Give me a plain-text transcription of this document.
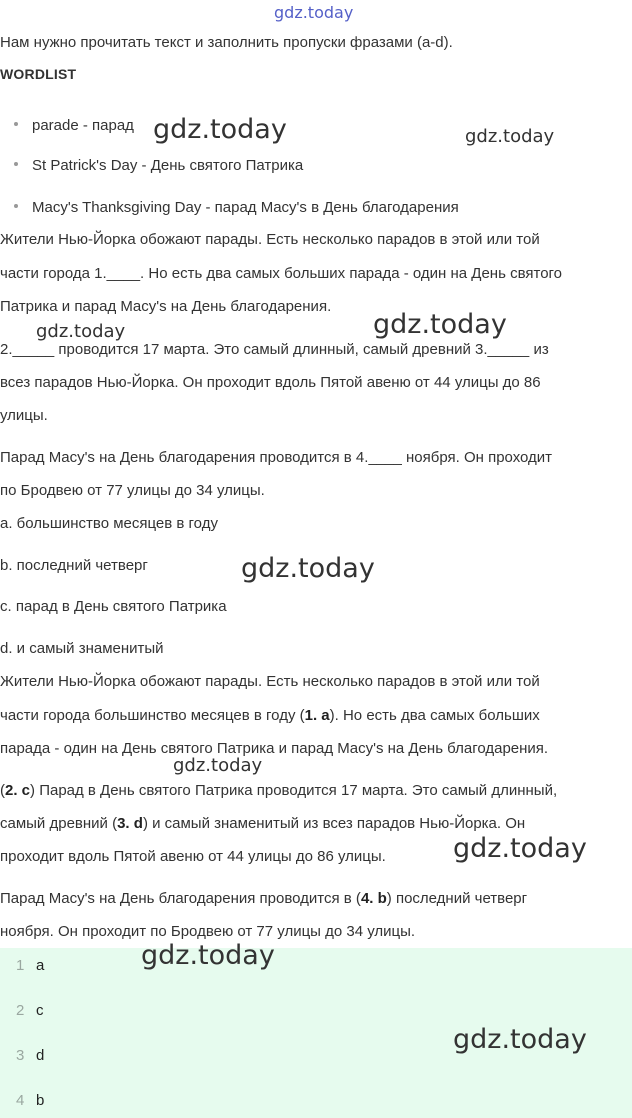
gdz.today
Нам нужно прочитать текст и заполнить пропуски фразами (a-d).
WORDLIST
parade - парад
St Patrick's Day - День святого Патрика
Macy's Thanksgiving Day - парад Macy's в День благодарения
Жители Нью-Йорка обожают парады. Есть несколько парадов в этой или той
части города 1.____. Но есть два самых больших парада - один на День святого
Патрика и парад Macy's на День благодарения.
2._____ проводится 17 марта. Это самый длинный, самый древний 3._____ из
всез парадов Нью-Йорка. Он проходит вдоль Пятой авеню от 44 улицы до 86
улицы.
Парад Macy's на День благодарения проводится в 4.____ ноября. Он проходит
по Бродвею от 77 улицы до 34 улицы.
a. большинство месяцев в году
b. последний четверг
c. парад в День святого Патрика
d. и самый знаменитый
Жители Нью-Йорка обожают парады. Есть несколько парадов в этой или той
части города большинство месяцев в году (1. a). Но есть два самых больших
парада - один на День святого Патрика и парад Macy's на День благодарения.
(2. c) Парад в День святого Патрика проводится 17 марта. Это самый длинный,
самый древний (3. d) и самый знаменитый из всез парадов Нью-Йорка. Он
проходит вдоль Пятой авеню от 44 улицы до 86 улицы.
Парад Macy's на День благодарения проводится в (4. b) последний четверг
ноября. Он проходит по Бродвею от 77 улицы до 34 улицы.
1 a
2 c
3 d
4 b
gdz.today	gdz.today
gdz.today	gdz.today
gdz.today
gdz.today
gdz.today
gdz.today
gdz.today
